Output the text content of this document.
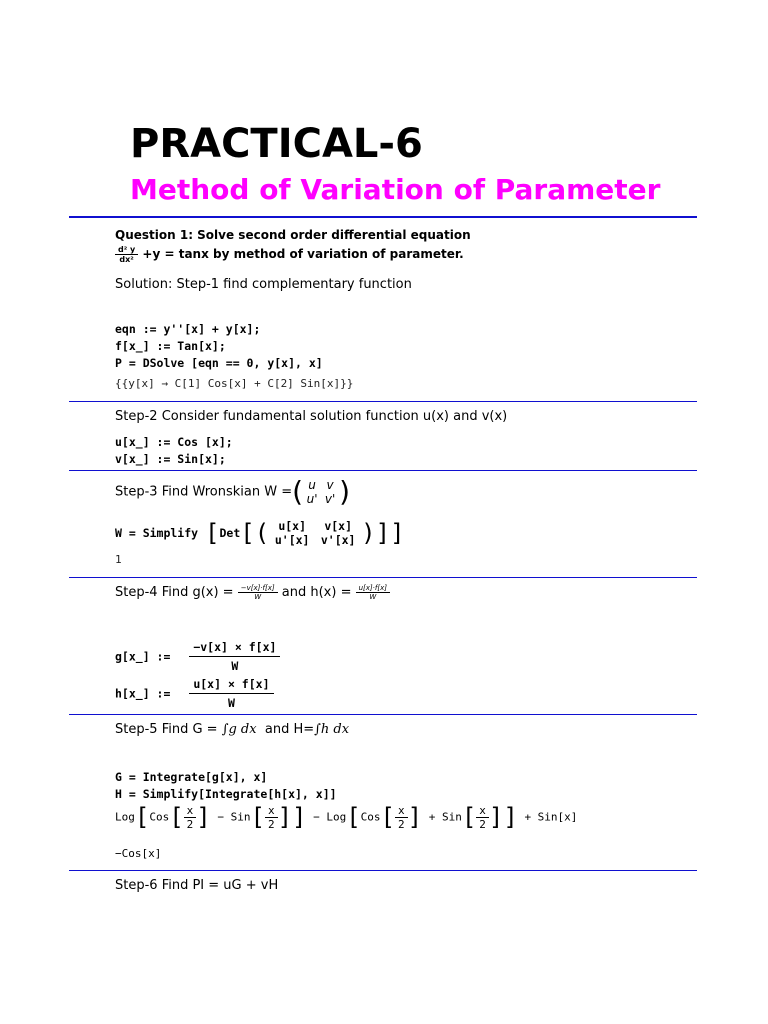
PRACTICAL-6
Method of Variation of Parameter
Question 1: Solve second order differential equation
$\frac{\text{d² y}}{\text{dx²}} +y = \tan x$ by method of variation of parameter.
Solution: Step-1 find complementary function
eqn := y''[x] + y[x];
f[x_] := Tan[x];
P = DSolve [eqn == 0, y[x], x]
{{y[x] → C[1] Cos[x] + C[2] Sin[x]}}
Step-2 Consider fundamental solution function u(x) and v(x)
u[x_] := Cos [x];
v[x_] := Sin[x];
Step-3 Find Wronskian W =( u v
u' v' )
W = Simplify [Det[( u[x] v[x]
u'[x] v'[x] )]]
1
Step-4 Find $g(x) = \frac{-v[x]\cdot f[x]}{W}$ and $h(x) = \frac{u[x]\cdot f[x]}{W}$
g[x_] := $\frac{-v[x] \times f[x]}{W}$
h[x_] := $\frac{u[x] \times f[x]}{W}$
Step-5 Find G = ∫g dx and H=∫h dx
G = Integrate[g[x], x]
H = Simplify[Integrate[h[x], x]]
$Log[Cos[ \frac{x}{2}$ ] − $Sin[ \frac{x}{2}$ ]] − $Log[Cos[ \frac{x}{2}$ ] + $Sin[ \frac{x}{2}$ ]] + Sin[x]
−Cos[x]
Step-6 Find PI = uG + vH
